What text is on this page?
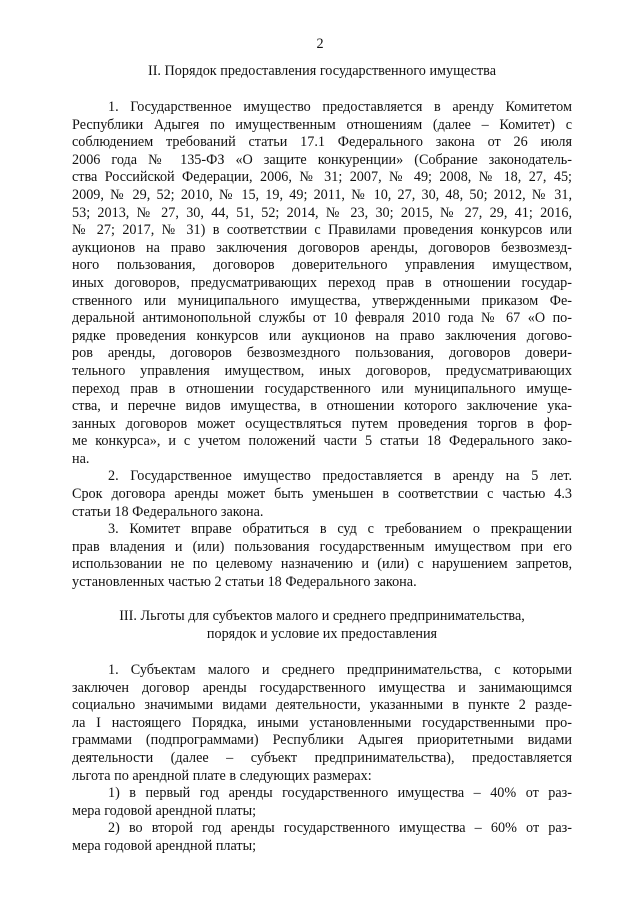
2
II. Порядок предоставления государственного имущества
1. Государственное имущество предоставляется в аренду Комитетом
Республики Адыгея по имущественным отношениям (далее – Комитет) с
соблюдением требований статьи 17.1 Федерального закона от 26 июля
2006 года № 135-ФЗ «О защите конкуренции» (Собрание законодатель-
ства Российской Федерации, 2006, № 31; 2007, № 49; 2008, № 18, 27, 45;
2009, № 29, 52; 2010, № 15, 19, 49; 2011, № 10, 27, 30, 48, 50; 2012, № 31,
53; 2013, № 27, 30, 44, 51, 52; 2014, № 23, 30; 2015, № 27, 29, 41; 2016,
№ 27; 2017, № 31) в соответствии с Правилами проведения конкурсов или
аукционов на право заключения договоров аренды, договоров безвозмезд-
ного пользования, договоров доверительного управления имуществом,
иных договоров, предусматривающих переход прав в отношении государ-
ственного или муниципального имущества, утвержденными приказом Фе-
деральной антимонопольной службы от 10 февраля 2010 года № 67 «О по-
рядке проведения конкурсов или аукционов на право заключения догово-
ров аренды, договоров безвозмездного пользования, договоров довери-
тельного управления имуществом, иных договоров, предусматривающих
переход прав в отношении государственного или муниципального имуще-
ства, и перечне видов имущества, в отношении которого заключение ука-
занных договоров может осуществляться путем проведения торгов в фор-
ме конкурса», и с учетом положений части 5 статьи 18 Федерального зако-
на.
2. Государственное имущество предоставляется в аренду на 5 лет.
Срок договора аренды может быть уменьшен в соответствии с частью 4.3
статьи 18 Федерального закона.
3. Комитет вправе обратиться в суд с требованием о прекращении
прав владения и (или) пользования государственным имуществом при его
использовании не по целевому назначению и (или) с нарушением запретов,
установленных частью 2 статьи 18 Федерального закона.
III. Льготы для субъектов малого и среднего предпринимательства,
порядок и условие их предоставления
1. Субъектам малого и среднего предпринимательства, с которыми
заключен договор аренды государственного имущества и занимающимся
социально значимыми видами деятельности, указанными в пункте 2 разде-
ла I настоящего Порядка, иными установленными государственными про-
граммами (подпрограммами) Республики Адыгея приоритетными видами
деятельности (далее – субъект предпринимательства), предоставляется
льгота по арендной плате в следующих размерах:
1) в первый год аренды государственного имущества – 40% от раз-
мера годовой арендной платы;
2) во второй год аренды государственного имущества – 60% от раз-
мера годовой арендной платы;
